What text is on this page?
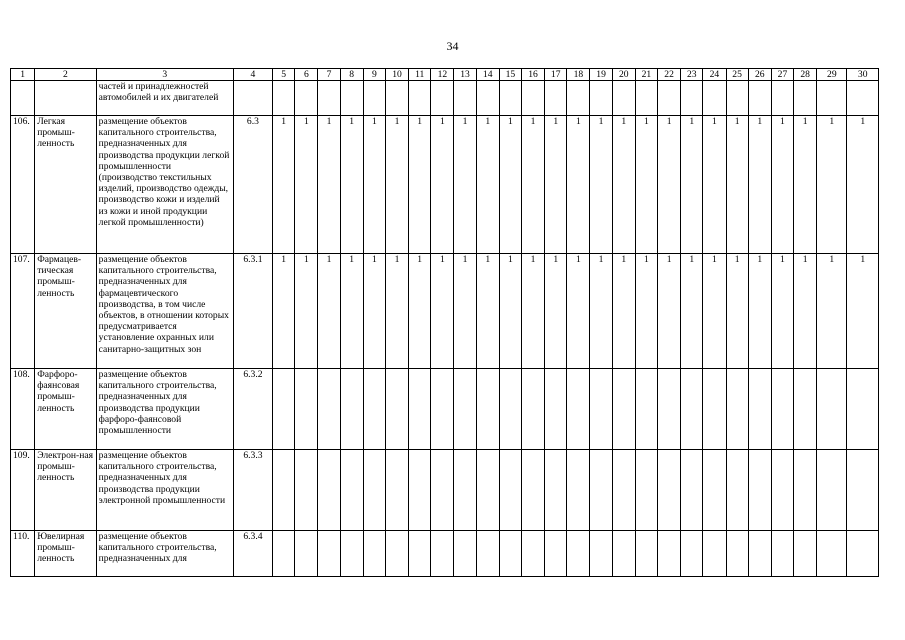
34
1	2	3	4	5	6	7	8	9	10	11	12	13	14	15	16	17	18	19	20	21	22	23	24	25	26	27	28	29	30
		частей и принадлежностей автомобилей и их двигателей																											
106.	Легкая промыш-ленность	размещение объектов капитального строительства, предназначенных для производства продукции легкой промышленности (производство текстильных изделий, производство одежды, производство кожи и изделий из кожи и иной продукции легкой промышленности)	6.3	1	1	1	1	1	1	1	1	1	1	1	1	1	1	1	1	1	1	1	1	1	1	1	1	1	1
107.	Фармацев-тическая промыш-ленность	размещение объектов капитального строительства, предназначенных для фармацевтического производства, в том числе объектов, в отношении которых предусматривается установление охранных или санитарно-защитных зон	6.3.1	1	1	1	1	1	1	1	1	1	1	1	1	1	1	1	1	1	1	1	1	1	1	1	1	1	1
108.	Фарфоро-фаянсовая промыш-ленность	размещение объектов капитального строительства, предназначенных для производства продукции фарфоро-фаянсовой промышленности	6.3.2																										
109.	Электрон-ная промыш-ленность	размещение объектов капитального строительства, предназначенных для производства продукции электронной промышленности	6.3.3																										
110.	Ювелирная промыш-ленность	размещение объектов капитального строительства, предназначенных для	6.3.4																										
